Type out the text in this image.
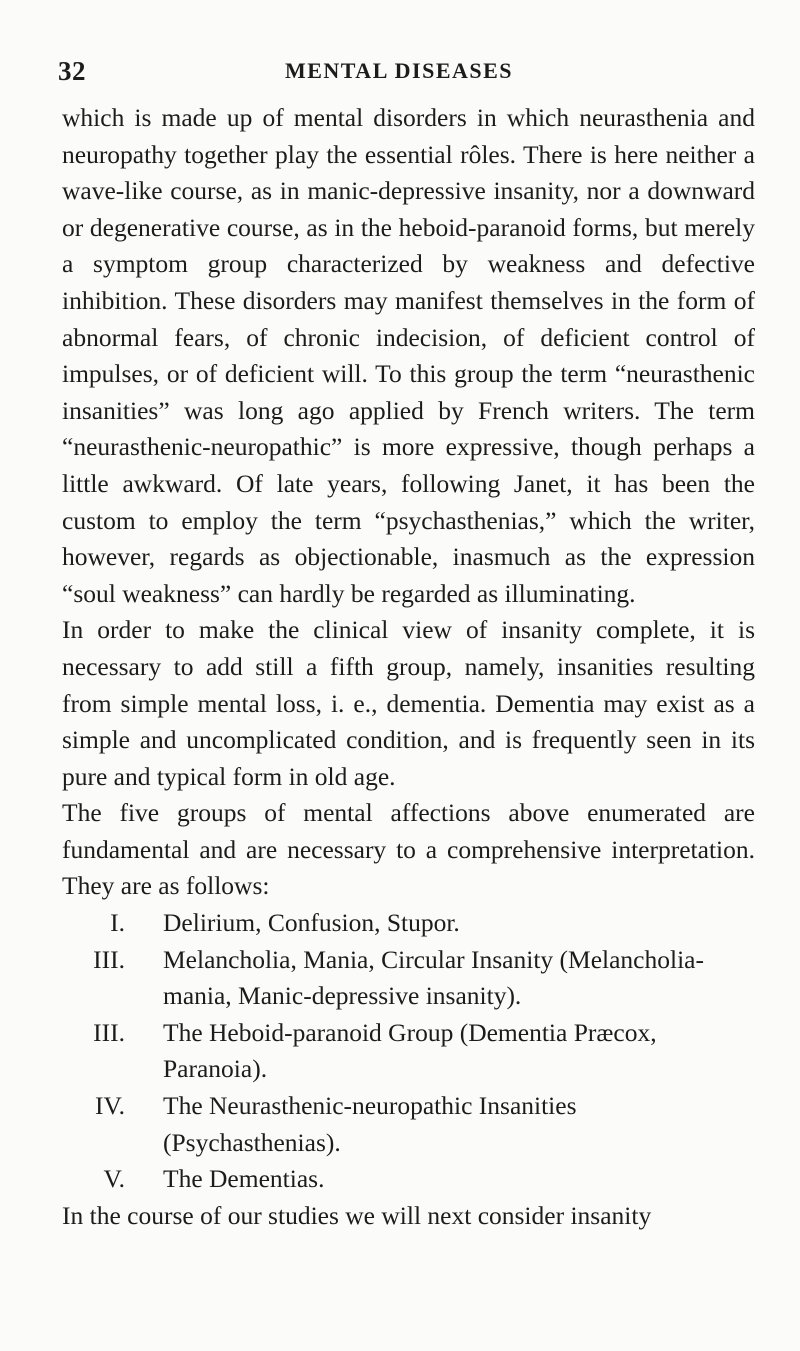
32	MENTAL DISEASES

which is made up of mental disorders in which neurasthenia and neuropathy together play the essential rôles. There is here neither a wave-like course, as in manic-depressive insanity, nor a downward or degenerative course, as in the heboid-paranoid forms, but merely a symptom group characterized by weakness and defective inhibition. These disorders may manifest themselves in the form of abnormal fears, of chronic indecision, of deficient control of impulses, or of deficient will. To this group the term “neurasthenic insanities” was long ago applied by French writers. The term “neurasthenic-neuropathic” is more expressive, though perhaps a little awkward. Of late years, following Janet, it has been the custom to employ the term “psychasthenias,” which the writer, however, regards as objectionable, inasmuch as the expression “soul weakness” can hardly be regarded as illuminating.

In order to make the clinical view of insanity complete, it is necessary to add still a fifth group, namely, insanities resulting from simple mental loss, i. e., dementia. Dementia may exist as a simple and uncomplicated condition, and is frequently seen in its pure and typical form in old age.

The five groups of mental affections above enumerated are fundamental and are necessary to a comprehensive interpretation. They are as follows:

I.	Delirium, Confusion, Stupor.
III.	Melancholia, Mania, Circular Insanity (Melancholia-mania, Manic-depressive insanity).
III.	The Heboid-paranoid Group (Dementia Præcox, Paranoia).
IV.	The Neurasthenic-neuropathic Insanities (Psychasthenias).
V.	The Dementias.

In the course of our studies we will next consider insanity
